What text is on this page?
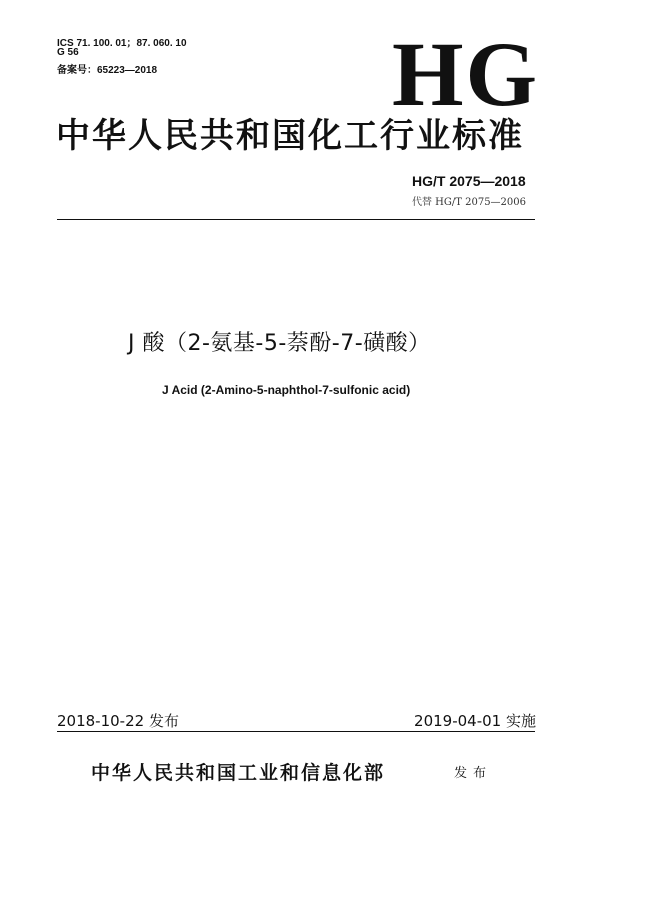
ICS 71. 100. 01；87. 060. 10
G 56
备案号：65223—2018	HG
中华人民共和国化工行业标准
HG/T 2075—2018
代替 HG/T 2075—2006
J 酸（2-氨基-5-萘酚-7-磺酸）
J Acid (2-Amino-5-naphthol-7-sulfonic acid)
2018-10-22 发布	2019-04-01 实施
中华人民共和国工业和信息化部	发布
